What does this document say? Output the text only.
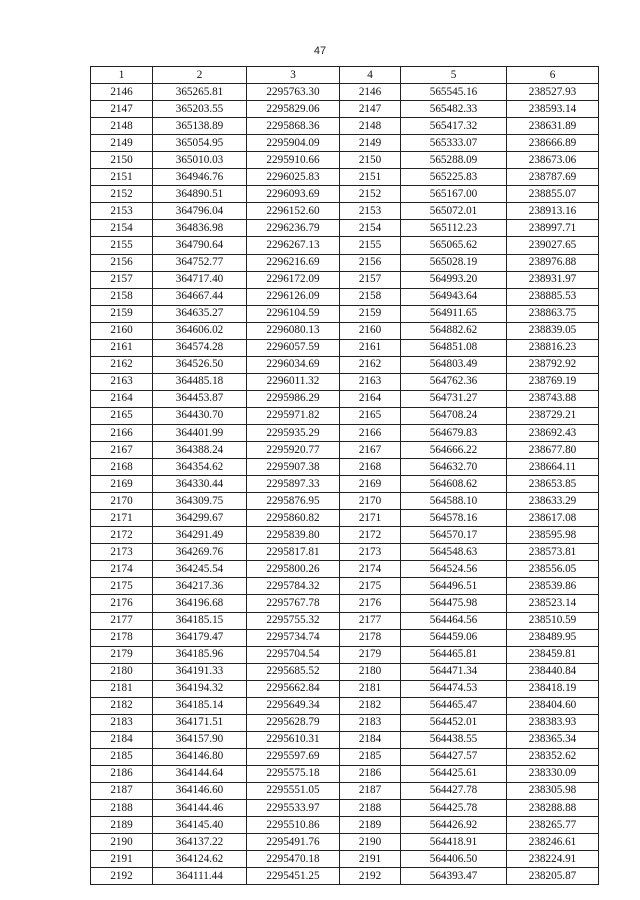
47
1	2	3	4	5	6
2146	365265.81	2295763.30	2146	565545.16	238527.93
2147	365203.55	2295829.06	2147	565482.33	238593.14
2148	365138.89	2295868.36	2148	565417.32	238631.89
2149	365054.95	2295904.09	2149	565333.07	238666.89
2150	365010.03	2295910.66	2150	565288.09	238673.06
2151	364946.76	2296025.83	2151	565225.83	238787.69
2152	364890.51	2296093.69	2152	565167.00	238855.07
2153	364796.04	2296152.60	2153	565072.01	238913.16
2154	364836.98	2296236.79	2154	565112.23	238997.71
2155	364790.64	2296267.13	2155	565065.62	239027.65
2156	364752.77	2296216.69	2156	565028.19	238976.88
2157	364717.40	2296172.09	2157	564993.20	238931.97
2158	364667.44	2296126.09	2158	564943.64	238885.53
2159	364635.27	2296104.59	2159	564911.65	238863.75
2160	364606.02	2296080.13	2160	564882.62	238839.05
2161	364574.28	2296057.59	2161	564851.08	238816.23
2162	364526.50	2296034.69	2162	564803.49	238792.92
2163	364485.18	2296011.32	2163	564762.36	238769.19
2164	364453.87	2295986.29	2164	564731.27	238743.88
2165	364430.70	2295971.82	2165	564708.24	238729.21
2166	364401.99	2295935.29	2166	564679.83	238692.43
2167	364388.24	2295920.77	2167	564666.22	238677.80
2168	364354.62	2295907.38	2168	564632.70	238664.11
2169	364330.44	2295897.33	2169	564608.62	238653.85
2170	364309.75	2295876.95	2170	564588.10	238633.29
2171	364299.67	2295860.82	2171	564578.16	238617.08
2172	364291.49	2295839.80	2172	564570.17	238595.98
2173	364269.76	2295817.81	2173	564548.63	238573.81
2174	364245.54	2295800.26	2174	564524.56	238556.05
2175	364217.36	2295784.32	2175	564496.51	238539.86
2176	364196.68	2295767.78	2176	564475.98	238523.14
2177	364185.15	2295755.32	2177	564464.56	238510.59
2178	364179.47	2295734.74	2178	564459.06	238489.95
2179	364185.96	2295704.54	2179	564465.81	238459.81
2180	364191.33	2295685.52	2180	564471.34	238440.84
2181	364194.32	2295662.84	2181	564474.53	238418.19
2182	364185.14	2295649.34	2182	564465.47	238404.60
2183	364171.51	2295628.79	2183	564452.01	238383.93
2184	364157.90	2295610.31	2184	564438.55	238365.34
2185	364146.80	2295597.69	2185	564427.57	238352.62
2186	364144.64	2295575.18	2186	564425.61	238330.09
2187	364146.60	2295551.05	2187	564427.78	238305.98
2188	364144.46	2295533.97	2188	564425.78	238288.88
2189	364145.40	2295510.86	2189	564426.92	238265.77
2190	364137.22	2295491.76	2190	564418.91	238246.61
2191	364124.62	2295470.18	2191	564406.50	238224.91
2192	364111.44	2295451.25	2192	564393.47	238205.87
